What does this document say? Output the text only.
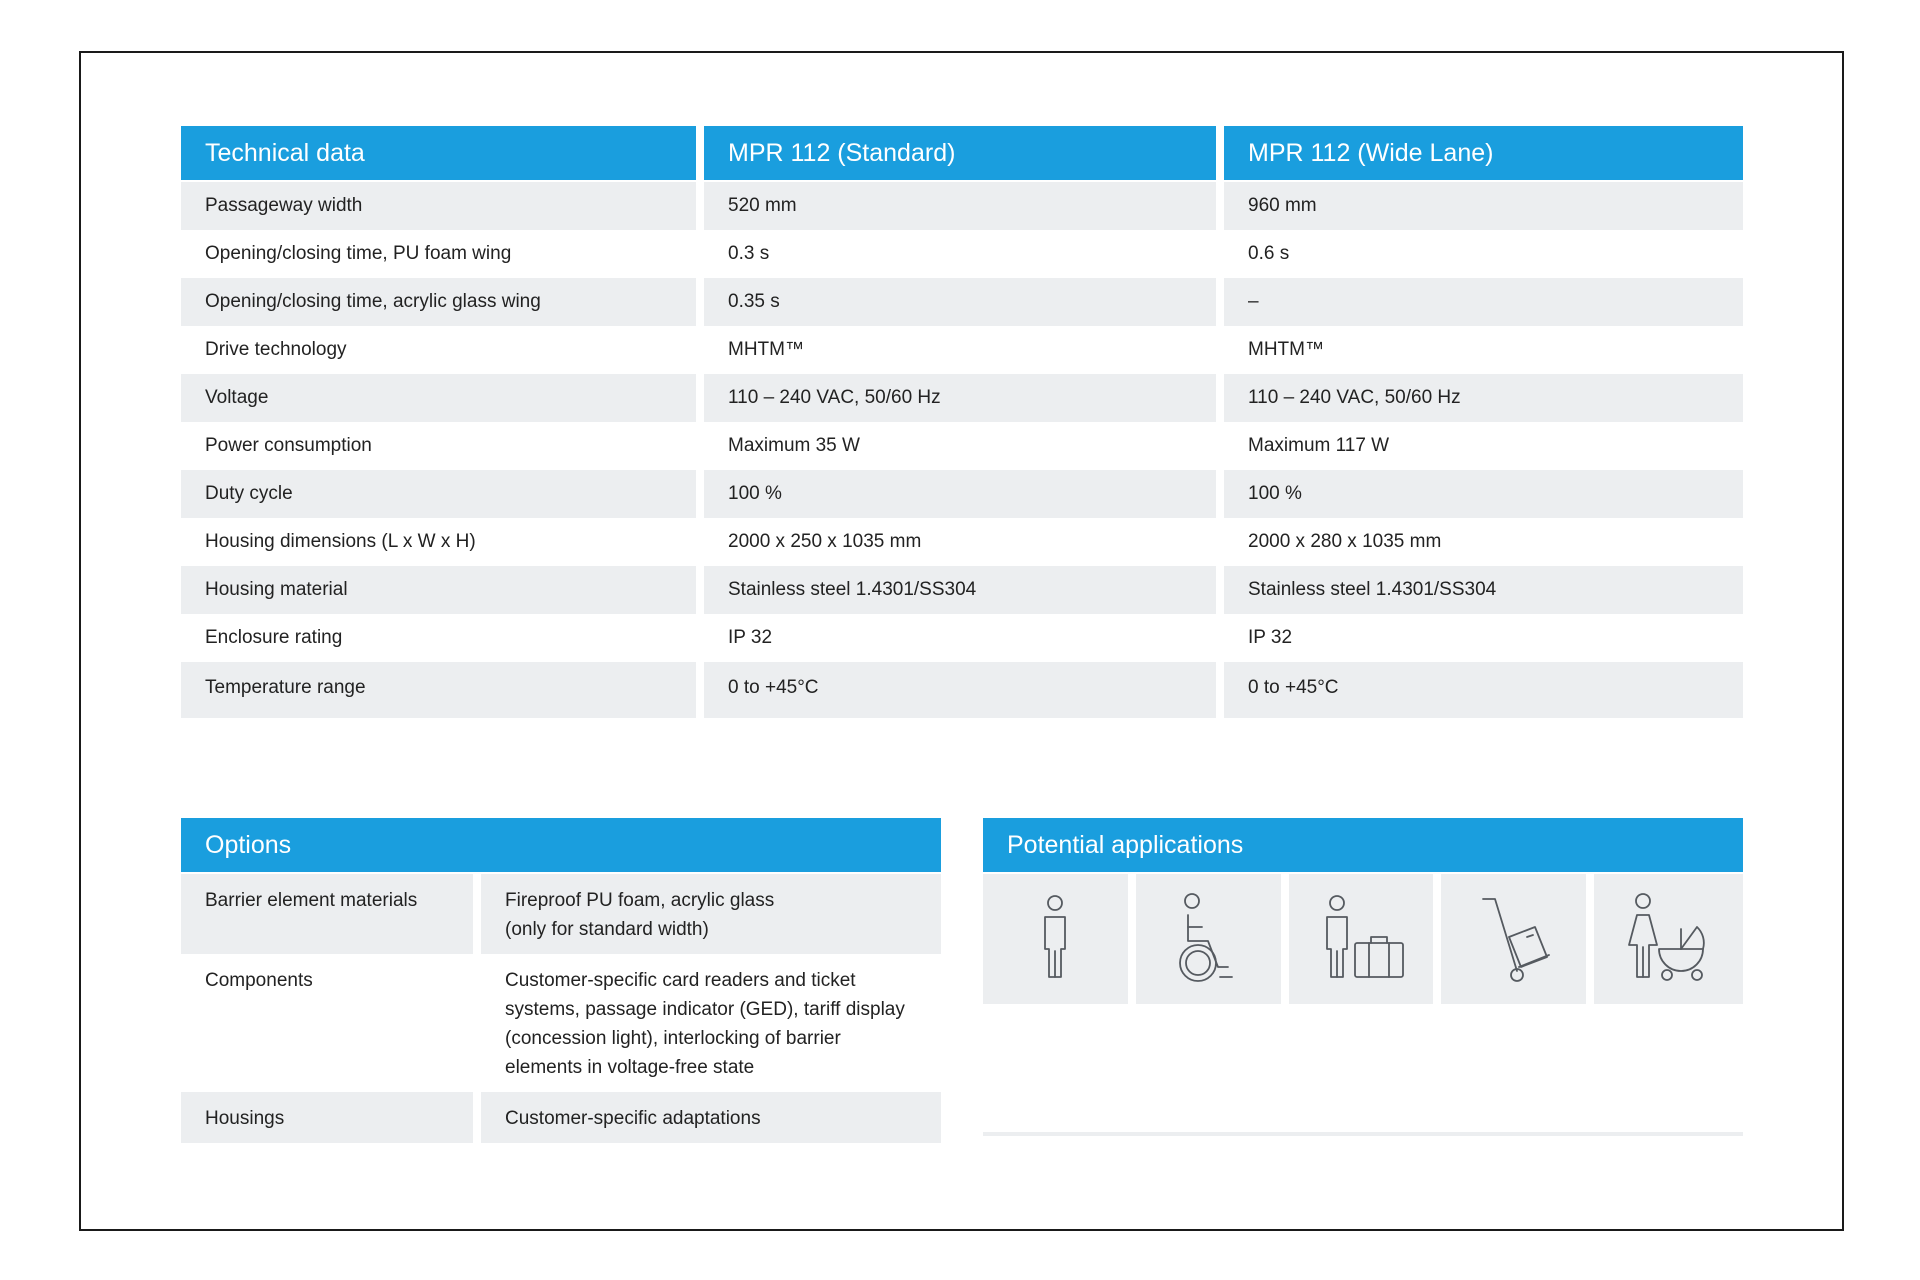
Technical data	MPR 112 (Standard)	MPR 112 (Wide Lane)
Passageway width	520 mm	960 mm
Opening/closing time, PU foam wing	0.3 s	0.6 s
Opening/closing time, acrylic glass wing	0.35 s	–
Drive technology	MHTM™	MHTM™
Voltage	110 – 240 VAC, 50/60 Hz	110 – 240 VAC, 50/60 Hz
Power consumption	Maximum 35 W	Maximum 117 W
Duty cycle	100 %	100 %
Housing dimensions (L x W x H)	2000 x 250 x 1035 mm	2000 x 280 x 1035 mm
Housing material	Stainless steel 1.4301/SS304	Stainless steel 1.4301/SS304
Enclosure rating	IP 32	IP 32
Temperature range	0 to +45°C	0 to +45°C
Options
Barrier element materials	Fireproof PU foam, acrylic glass
(only for standard width)
Components	Customer-specific card readers and ticket
systems, passage indicator (GED), tariff display
(concession light), interlocking of barrier
elements in voltage-free state
Housings	Customer-specific adaptations
Potential applications
